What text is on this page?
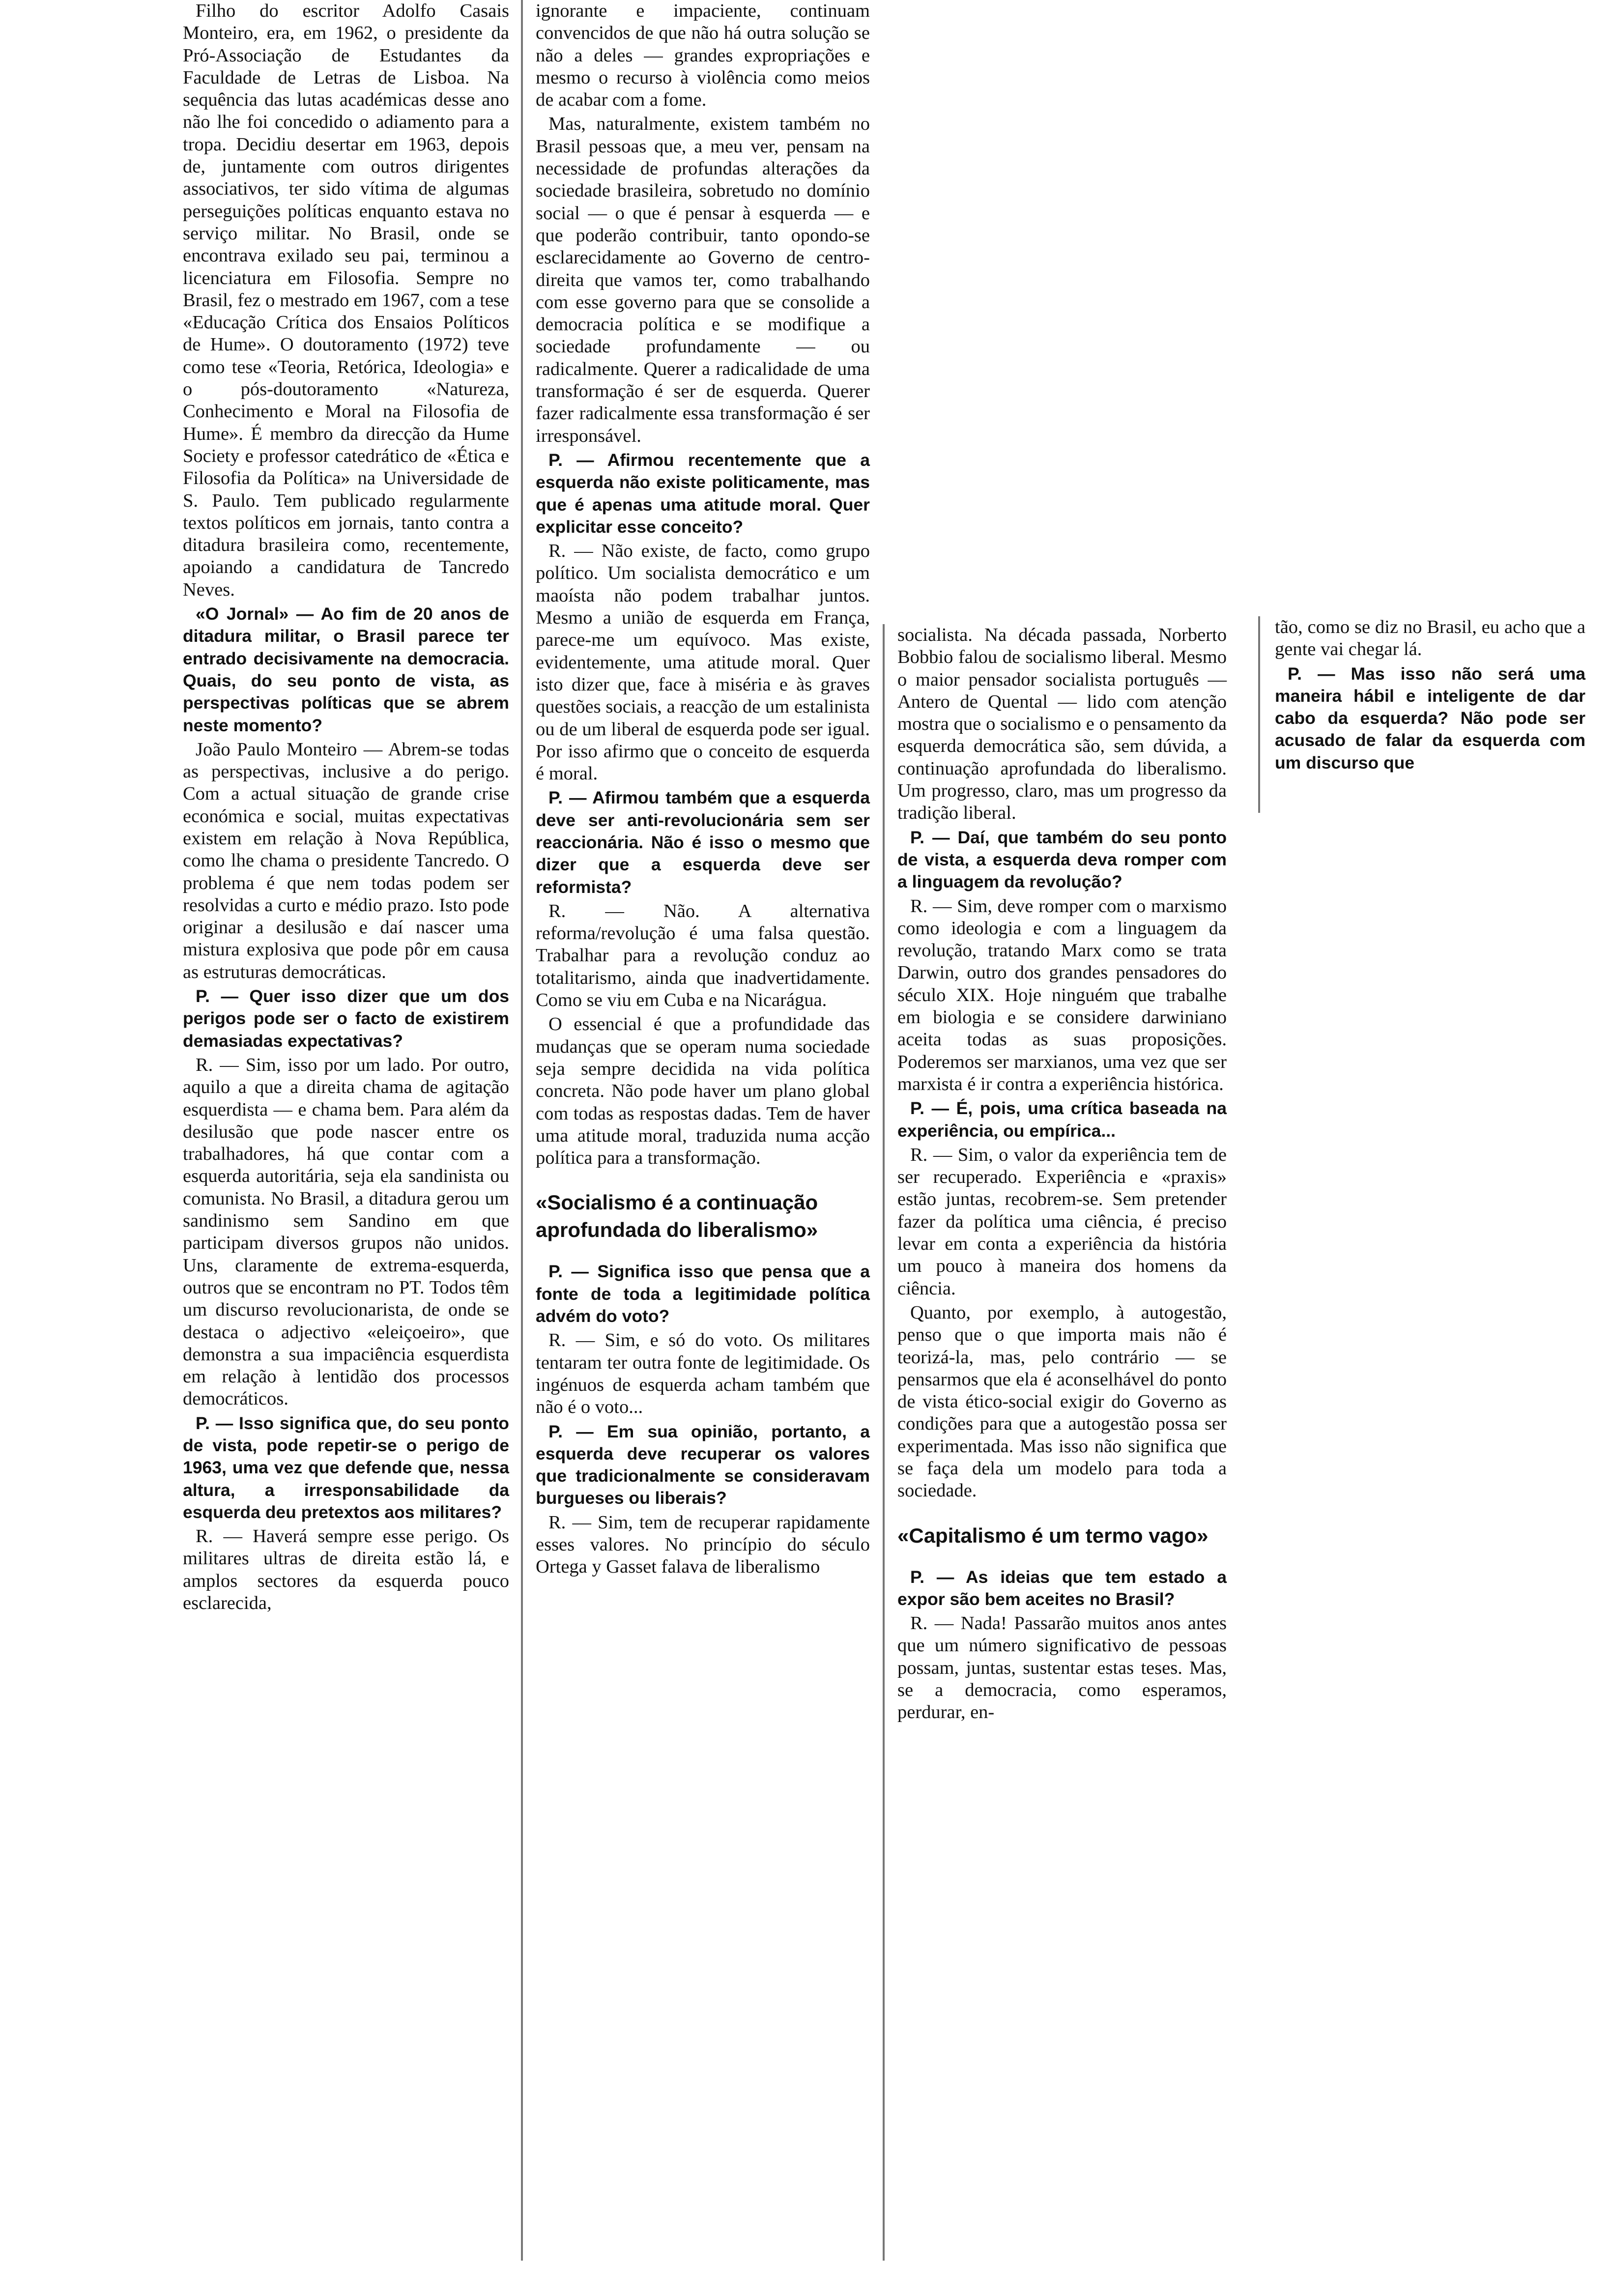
Filho do escritor Adolfo Casais Monteiro, era, em 1962, o presidente da Pró-Associação de Estudantes da Faculdade de Letras de Lisboa. Na sequência das lutas académicas desse ano não lhe foi concedido o adiamento para a tropa. Decidiu desertar em 1963, depois de, juntamente com outros dirigentes associativos, ter sido vítima de algumas perseguições políticas enquanto estava no serviço militar. No Brasil, onde se encontrava exilado seu pai, terminou a licenciatura em Filosofia. Sempre no Brasil, fez o mestrado em 1967, com a tese «Educação Crítica dos Ensaios Políticos de Hume». O doutoramento (1972) teve como tese «Teoria, Retórica, Ideologia» e o pós-doutoramento «Natureza, Conhecimento e Moral na Filosofia de Hume». É membro da direcção da Hume Society e professor catedrático de «Ética e Filosofia da Política» na Universidade de S. Paulo. Tem publicado regularmente textos políticos em jornais, tanto contra a ditadura brasileira como, recentemente, apoiando a candidatura de Tancredo Neves.

«O Jornal» — Ao fim de 20 anos de ditadura militar, o Brasil parece ter entrado decisivamente na democracia. Quais, do seu ponto de vista, as perspectivas políticas que se abrem neste momento?

João Paulo Monteiro — Abrem-se todas as perspectivas, inclusive a do perigo. Com a actual situação de grande crise económica e social, muitas expectativas existem em relação à Nova República, como lhe chama o presidente Tancredo. O problema é que nem todas podem ser resolvidas a curto e médio prazo. Isto pode originar a desilusão e daí nascer uma mistura explosiva que pode pôr em causa as estruturas democráticas.

P. — Quer isso dizer que um dos perigos pode ser o facto de existirem demasiadas expectativas?

R. — Sim, isso por um lado. Por outro, aquilo a que a direita chama de agitação esquerdista — e chama bem. Para além da desilusão que pode nascer entre os trabalhadores, há que contar com a esquerda autoritária, seja ela sandinista ou comunista. No Brasil, a ditadura gerou um sandinismo sem Sandino em que participam diversos grupos não unidos. Uns, claramente de extrema-esquerda, outros que se encontram no PT. Todos têm um discurso revolucionarista, de onde se destaca o adjectivo «eleiçoeiro», que demonstra a sua impaciência esquerdista em relação à lentidão dos processos democráticos.

P. — Isso significa que, do seu ponto de vista, pode repetir-se o perigo de 1963, uma vez que defende que, nessa altura, a irresponsabilidade da esquerda deu pretextos aos militares?

R. — Haverá sempre esse perigo. Os militares ultras de direita estão lá, e amplos sectores da esquerda pouco esclarecida,

ignorante e impaciente, continuam convencidos de que não há outra solução se não a deles — grandes expropriações e mesmo o recurso à violência como meios de acabar com a fome.

Mas, naturalmente, existem também no Brasil pessoas que, a meu ver, pensam na necessidade de profundas alterações da sociedade brasileira, sobretudo no domínio social — o que é pensar à esquerda — e que poderão contribuir, tanto opondo-se esclarecidamente ao Governo de centro-direita que vamos ter, como trabalhando com esse governo para que se consolide a democracia política e se modifique a sociedade profundamente — ou radicalmente. Querer a radicalidade de uma transformação é ser de esquerda. Querer fazer radicalmente essa transformação é ser irresponsável.

P. — Afirmou recentemente que a esquerda não existe politicamente, mas que é apenas uma atitude moral. Quer explicitar esse conceito?

R. — Não existe, de facto, como grupo político. Um socialista democrático e um maoísta não podem trabalhar juntos. Mesmo a união de esquerda em França, parece-me um equívoco. Mas existe, evidentemente, uma atitude moral. Quer isto dizer que, face à miséria e às graves questões sociais, a reacção de um estalinista ou de um liberal de esquerda pode ser igual. Por isso afirmo que o conceito de esquerda é moral.

P. — Afirmou também que a esquerda deve ser anti-revolucionária sem ser reaccionária. Não é isso o mesmo que dizer que a esquerda deve ser reformista?

R. — Não. A alternativa reforma/revolução é uma falsa questão. Trabalhar para a revolução conduz ao totalitarismo, ainda que inadvertidamente. Como se viu em Cuba e na Nicarágua.

O essencial é que a profundidade das mudanças que se operam numa sociedade seja sempre decidida na vida política concreta. Não pode haver um plano global com todas as respostas dadas. Tem de haver uma atitude moral, traduzida numa acção política para a transformação.

«Socialismo é a continuação aprofundada do liberalismo»

P. — Significa isso que pensa que a fonte de toda a legitimidade política advém do voto?

R. — Sim, e só do voto. Os militares tentaram ter outra fonte de legitimidade. Os ingénuos de esquerda acham também que não é o voto...

P. — Em sua opinião, portanto, a esquerda deve recuperar os valores que tradicionalmente se consideravam burgueses ou liberais?

R. — Sim, tem de recuperar rapidamente esses valores. No princípio do século Ortega y Gasset falava de liberalismo

socialista. Na década passada, Norberto Bobbio falou de socialismo liberal. Mesmo o maior pensador socialista português — Antero de Quental — lido com atenção mostra que o socialismo e o pensamento da esquerda democrática são, sem dúvida, a continuação aprofundada do liberalismo. Um progresso, claro, mas um progresso da tradição liberal.

P. — Daí, que também do seu ponto de vista, a esquerda deva romper com a linguagem da revolução?

R. — Sim, deve romper com o marxismo como ideologia e com a linguagem da revolução, tratando Marx como se trata Darwin, outro dos grandes pensadores do século XIX. Hoje ninguém que trabalhe em biologia e se considere darwiniano aceita todas as suas proposições. Poderemos ser marxianos, uma vez que ser marxista é ir contra a experiência histórica.

P. — É, pois, uma crítica baseada na experiência, ou empírica...

R. — Sim, o valor da experiência tem de ser recuperado. Experiência e «praxis» estão juntas, recobrem-se. Sem pretender fazer da política uma ciência, é preciso levar em conta a experiência da história um pouco à maneira dos homens da ciência.

Quanto, por exemplo, à autogestão, penso que o que importa mais não é teorizá-la, mas, pelo contrário — se pensarmos que ela é aconselhável do ponto de vista ético-social exigir do Governo as condições para que a autogestão possa ser experimentada. Mas isso não significa que se faça dela um modelo para toda a sociedade.

«Capitalismo é um termo vago»

P. — As ideias que tem estado a expor são bem aceites no Brasil?

R. — Nada! Passarão muitos anos antes que um número significativo de pessoas possam, juntas, sustentar estas teses. Mas, se a democracia, como esperamos, perdurar, en-

tão, como se diz no Brasil, eu acho que a gente vai chegar lá.

P. — Mas isso não será uma maneira hábil e inteligente de dar cabo da esquerda? Não pode ser acusado de falar da esquerda com um discurso que
